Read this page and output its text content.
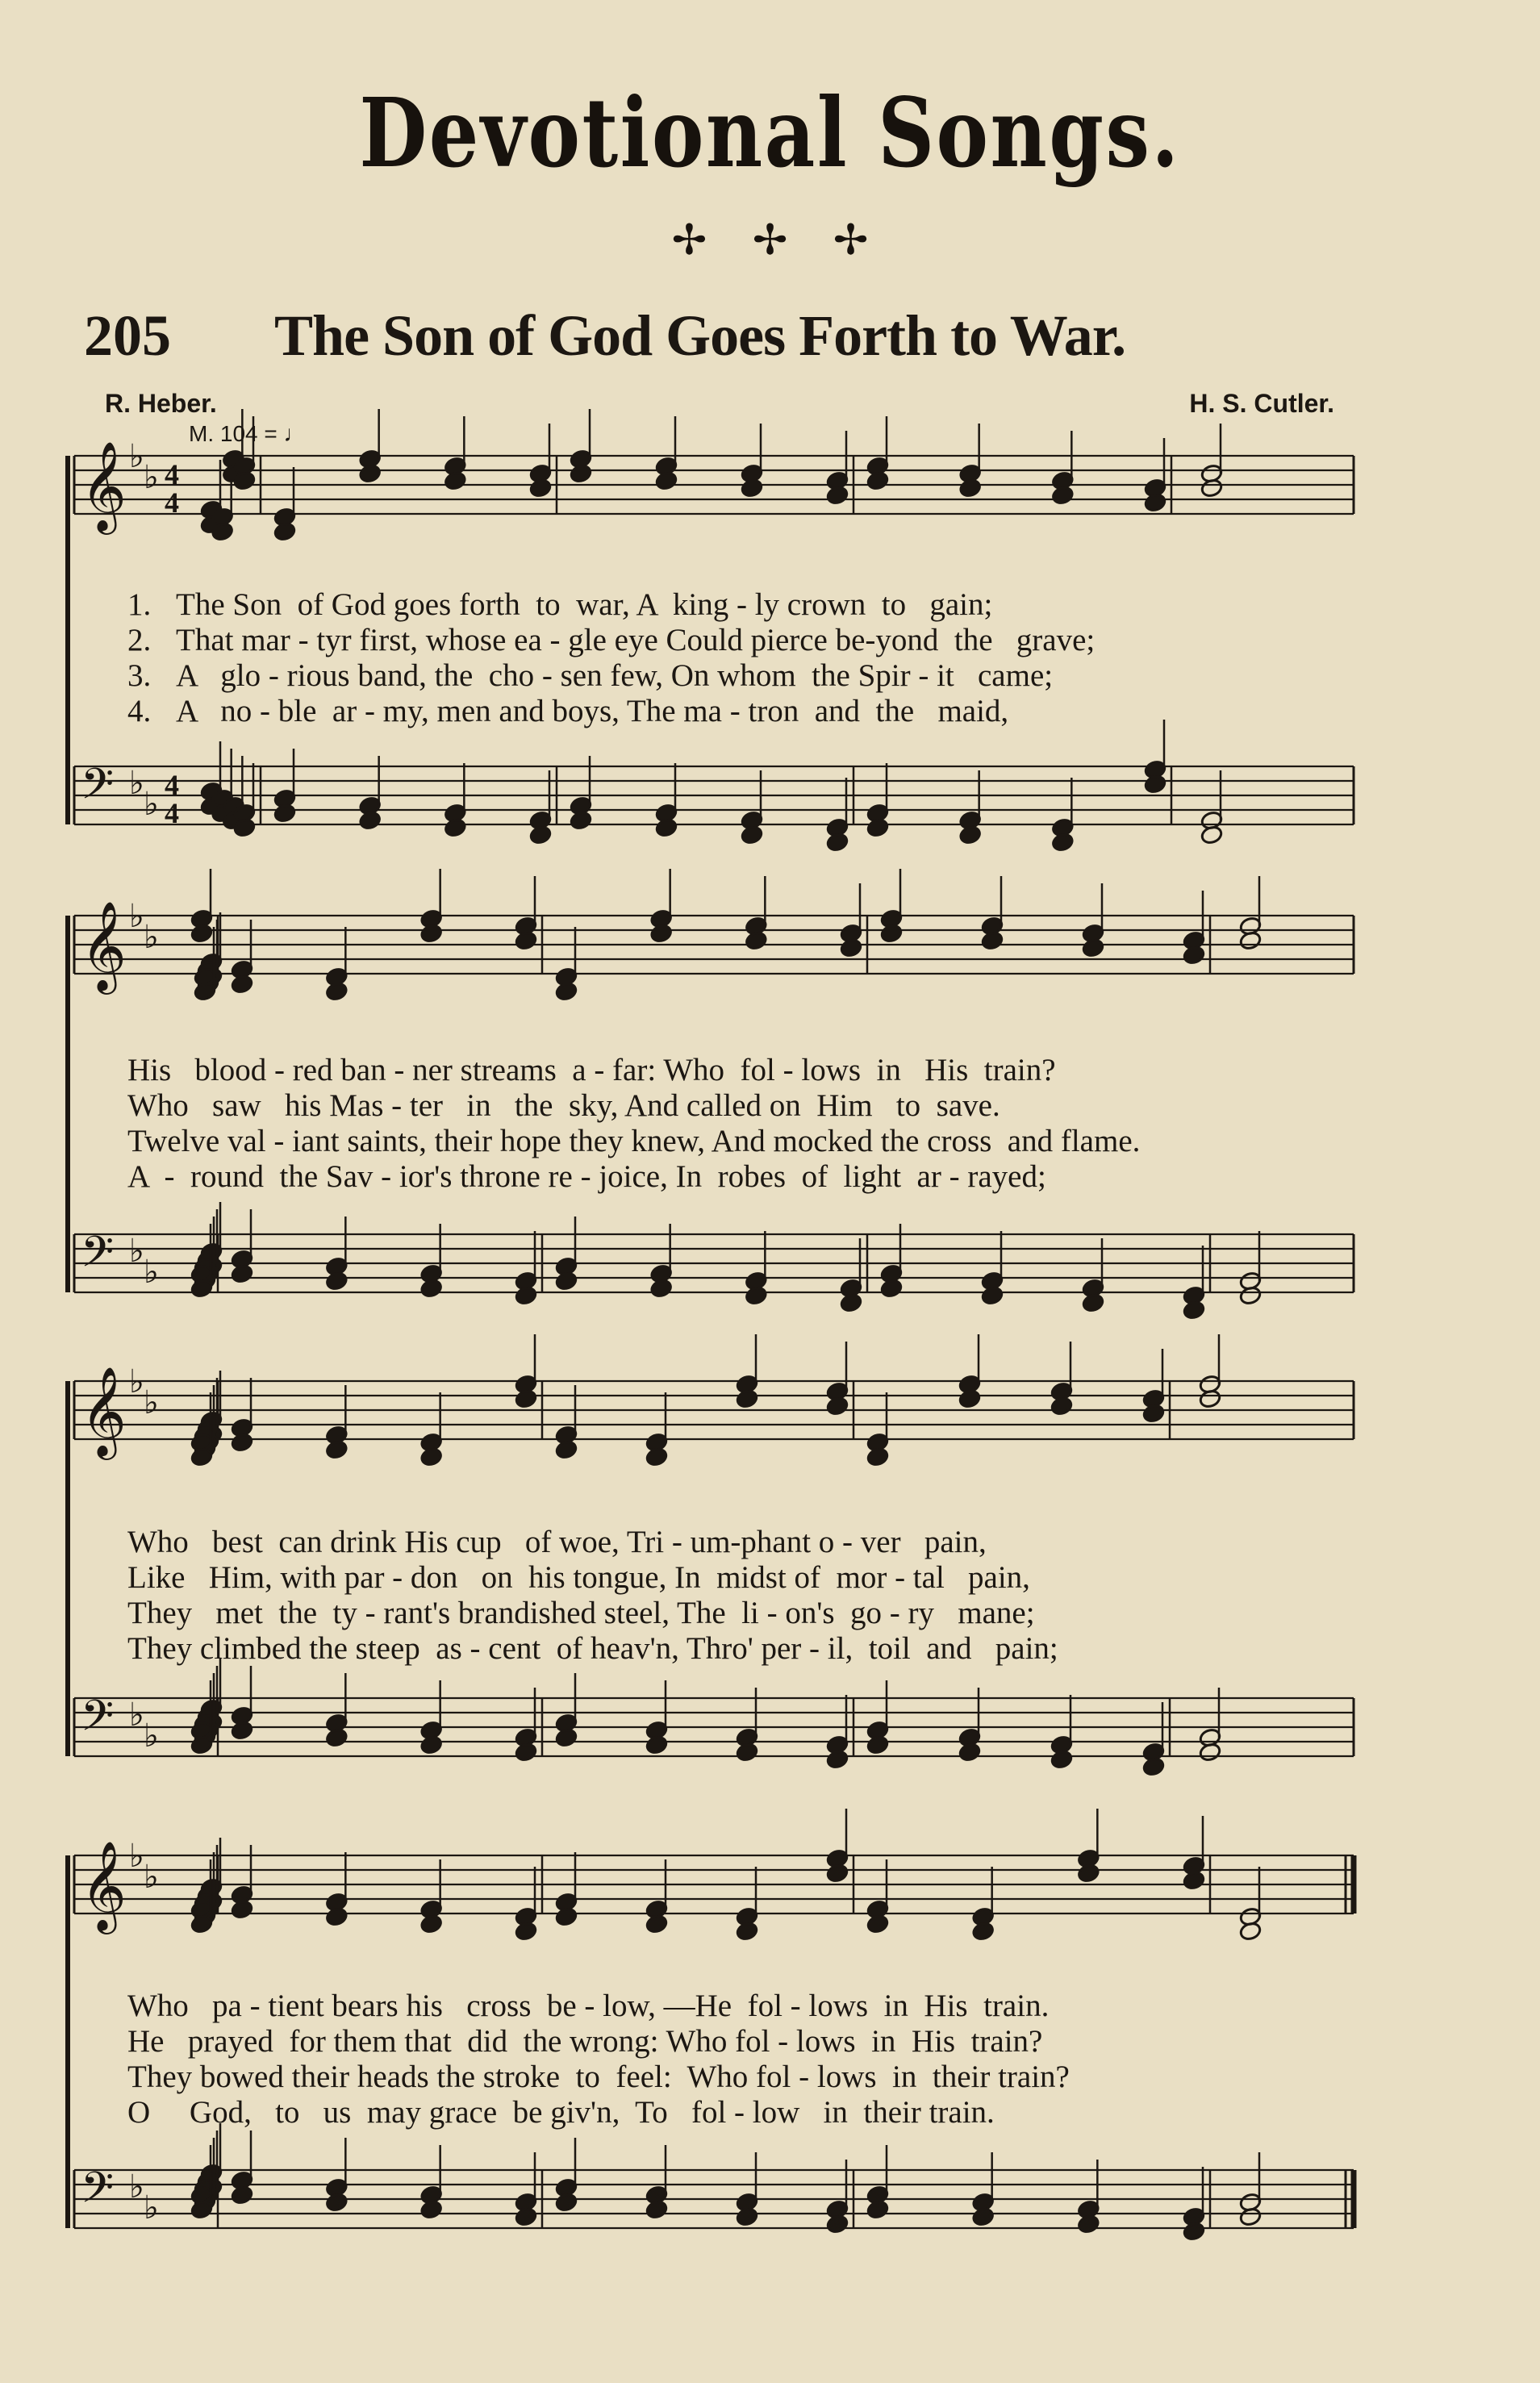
Devotional Songs.
✢ ✢ ✢
205 The Son of God Goes Forth to War.
R. Heber.	H. S. Cutler.
M. 104 = ♩
𝄞 ♭
♭ 4
4
𝄢 ♭
♭
4
4
𝄞 ♭
♭
𝄢 ♭
♭
𝄞 ♭
♭
𝄢 ♭
♭
𝄞 ♭
♭
𝄢 ♭
♭
1. The Son  of God goes forth  to  war, A  king - ly crown  to   gain;
2. That mar - tyr first, whose ea - gle eye Could pierce be-yond  the   grave;
3. A   glo - rious band, the  cho - sen few, On whom  the Spir - it   came;
4. A   no - ble  ar - my, men and boys, The ma - tron  and  the   maid,
His   blood - red ban - ner streams  a - far: Who  fol - lows  in   His  train?
Who   saw   his Mas - ter   in   the  sky, And called on  Him   to  save.
Twelve val - iant saints, their hope they knew, And mocked the cross  and flame.
A  -  round  the Sav - ior's throne re - joice, In  robes  of  light  ar - rayed;
Who   best  can drink His cup   of woe, Tri - um-phant o - ver   pain,
Like   Him, with par - don   on  his tongue, In  midst of  mor - tal   pain,
They   met  the  ty - rant's brandished steel, The  li - on's  go - ry   mane;
They climbed the steep  as - cent  of heav'n, Thro' per - il,  toil  and   pain;
Who   pa - tient bears his   cross  be - low, —He  fol - lows  in  His  train.
He   prayed  for them that  did  the wrong: Who fol - lows  in  His  train?
They bowed their heads the stroke  to  feel:  Who fol - lows  in  their train?
O     God,   to   us  may grace  be giv'n,  To   fol - low   in  their train.
